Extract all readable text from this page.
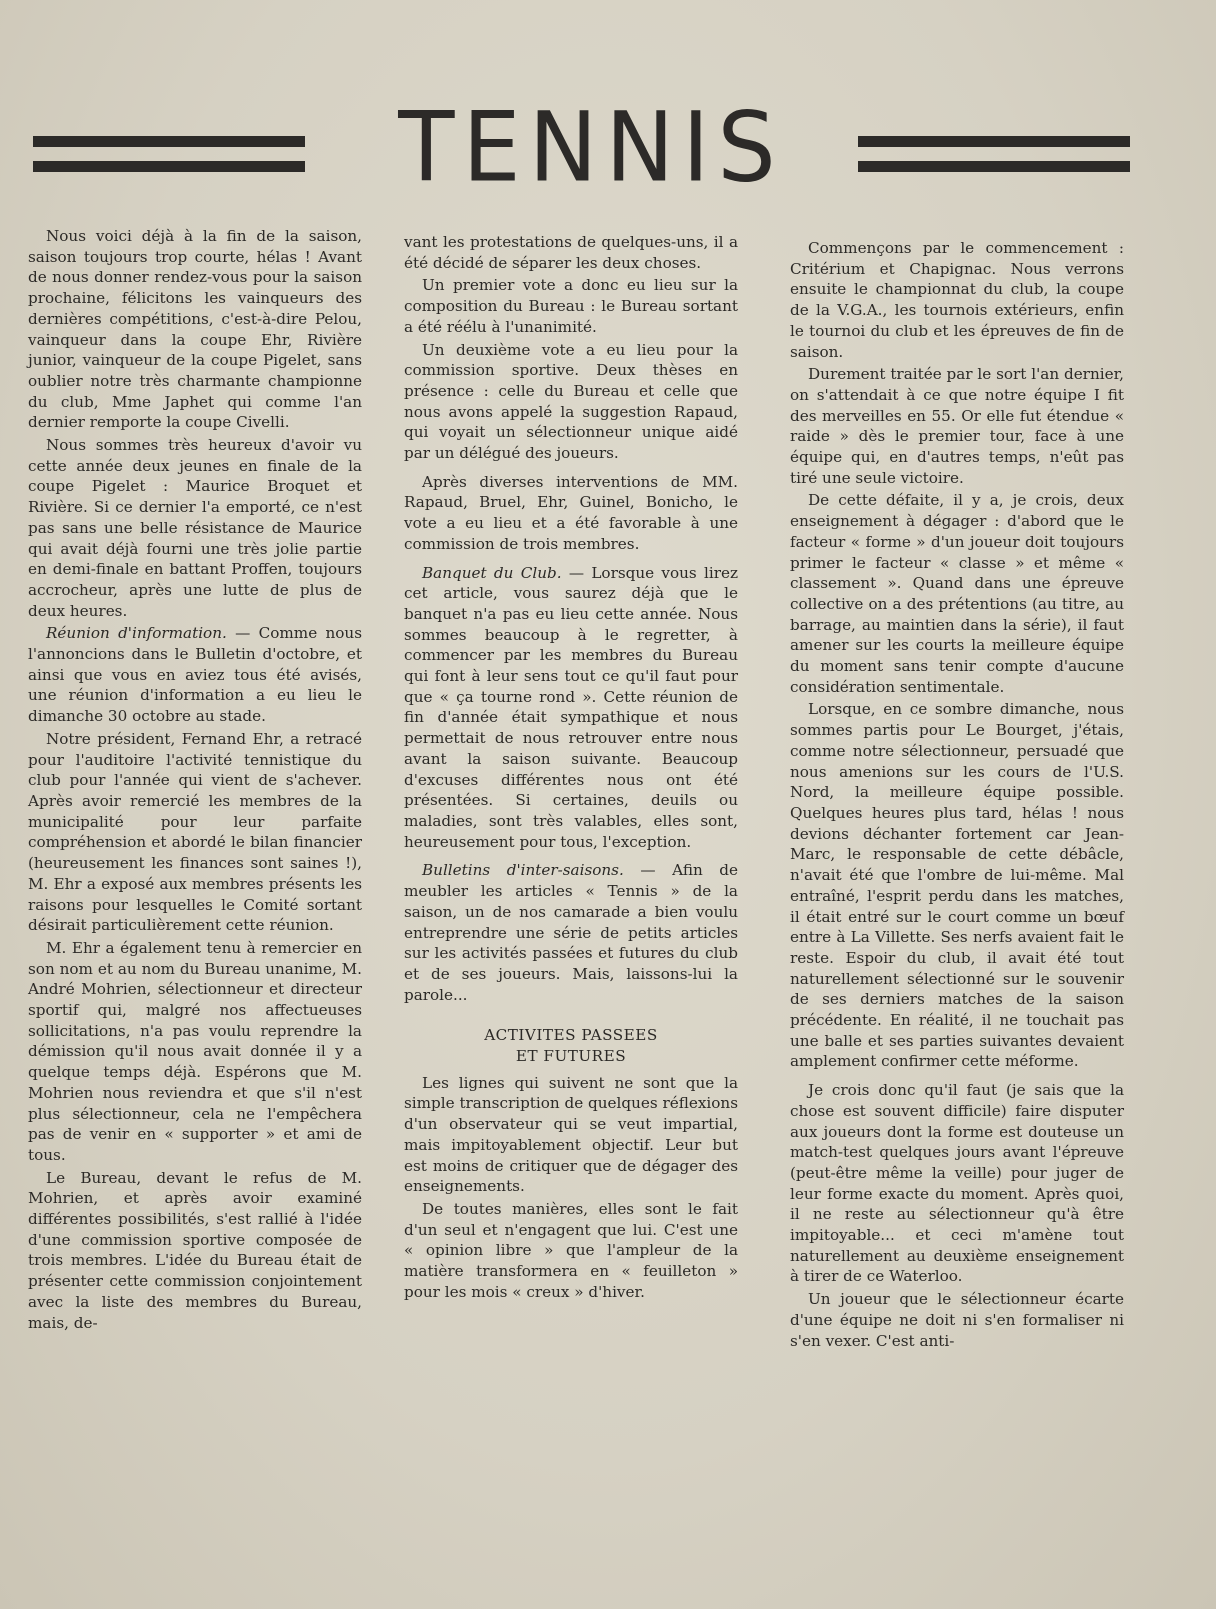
TENNIS

Nous voici déjà à la fin de la saison, saison toujours trop courte, hélas ! Avant de nous donner rendez-vous pour la saison prochaine, félicitons les vainqueurs des dernières compétitions, c'est-à-dire Pelou, vainqueur dans la coupe Ehr, Rivière junior, vainqueur de la coupe Pigelet, sans oublier notre très charmante championne du club, Mme Japhet qui comme l'an dernier remporte la coupe Civelli.

Nous sommes très heureux d'avoir vu cette année deux jeunes en finale de la coupe Pigelet : Maurice Broquet et Rivière. Si ce dernier l'a emporté, ce n'est pas sans une belle résistance de Maurice qui avait déjà fourni une très jolie partie en demi-finale en battant Proffen, toujours accrocheur, après une lutte de plus de deux heures.

Réunion d'information. — Comme nous l'annoncions dans le Bulletin d'octobre, et ainsi que vous en aviez tous été avisés, une réunion d'information a eu lieu le dimanche 30 octobre au stade.

Notre président, Fernand Ehr, a retracé pour l'auditoire l'activité tennistique du club pour l'année qui vient de s'achever. Après avoir remercié les membres de la municipalité pour leur parfaite compréhension et abordé le bilan financier (heureusement les finances sont saines !), M. Ehr a exposé aux membres présents les raisons pour lesquelles le Comité sortant désirait particulièrement cette réunion.

M. Ehr a également tenu à remercier en son nom et au nom du Bureau unanime, M. André Mohrien, sélectionneur et directeur sportif qui, malgré nos affectueuses sollicitations, n'a pas voulu reprendre la démission qu'il nous avait donnée il y a quelque temps déjà. Espérons que M. Mohrien nous reviendra et que s'il n'est plus sélectionneur, cela ne l'empêchera pas de venir en « supporter » et ami de tous.

Le Bureau, devant le refus de M. Mohrien, et après avoir examiné différentes possibilités, s'est rallié à l'idée d'une commission sportive composée de trois membres. L'idée du Bureau était de présenter cette commission conjointement avec la liste des membres du Bureau, mais, de-

vant les protestations de quelques-uns, il a été décidé de séparer les deux choses.

Un premier vote a donc eu lieu sur la composition du Bureau : le Bureau sortant a été réélu à l'unanimité.

Un deuxième vote a eu lieu pour la commission sportive. Deux thèses en présence : celle du Bureau et celle que nous avons appelé la suggestion Rapaud, qui voyait un sélectionneur unique aidé par un délégué des joueurs.

Après diverses interventions de MM. Rapaud, Bruel, Ehr, Guinel, Bonicho, le vote a eu lieu et a été favorable à une commission de trois membres.

Banquet du Club. — Lorsque vous lirez cet article, vous saurez déjà que le banquet n'a pas eu lieu cette année. Nous sommes beaucoup à le regretter, à commencer par les membres du Bureau qui font à leur sens tout ce qu'il faut pour que « ça tourne rond ». Cette réunion de fin d'année était sympathique et nous permettait de nous retrouver entre nous avant la saison suivante. Beaucoup d'excuses différentes nous ont été présentées. Si certaines, deuils ou maladies, sont très valables, elles sont, heureusement pour tous, l'exception.

Bulletins d'inter-saisons. — Afin de meubler les articles « Tennis » de la saison, un de nos camarade a bien voulu entreprendre une série de petits articles sur les activités passées et futures du club et de ses joueurs. Mais, laissons-lui la parole...

ACTIVITES PASSEES
ET FUTURES

Les lignes qui suivent ne sont que la simple transcription de quelques réflexions d'un observateur qui se veut impartial, mais impitoyablement objectif. Leur but est moins de critiquer que de dégager des enseignements.

De toutes manières, elles sont le fait d'un seul et n'engagent que lui. C'est une « opinion libre » que l'ampleur de la matière transformera en « feuilleton » pour les mois « creux » d'hiver.

Commençons par le commencement : Critérium et Chapignac. Nous verrons ensuite le championnat du club, la coupe de la V.G.A., les tournois extérieurs, enfin le tournoi du club et les épreuves de fin de saison.

Durement traitée par le sort l'an dernier, on s'attendait à ce que notre équipe I fit des merveilles en 55. Or elle fut étendue « raide » dès le premier tour, face à une équipe qui, en d'autres temps, n'eût pas tiré une seule victoire.

De cette défaite, il y a, je crois, deux enseignement à dégager : d'abord que le facteur « forme » d'un joueur doit toujours primer le facteur « classe » et même « classement ». Quand dans une épreuve collective on a des prétentions (au titre, au barrage, au maintien dans la série), il faut amener sur les courts la meilleure équipe du moment sans tenir compte d'aucune considération sentimentale.

Lorsque, en ce sombre dimanche, nous sommes partis pour Le Bourget, j'étais, comme notre sélectionneur, persuadé que nous amenions sur les cours de l'U.S. Nord, la meilleure équipe possible. Quelques heures plus tard, hélas ! nous devions déchanter fortement car Jean-Marc, le responsable de cette débâcle, n'avait été que l'ombre de lui-même. Mal entraîné, l'esprit perdu dans les matches, il était entré sur le court comme un bœuf entre à La Villette. Ses nerfs avaient fait le reste. Espoir du club, il avait été tout naturellement sélectionné sur le souvenir de ses derniers matches de la saison précédente. En réalité, il ne touchait pas une balle et ses parties suivantes devaient amplement confirmer cette méforme.

Je crois donc qu'il faut (je sais que la chose est souvent difficile) faire disputer aux joueurs dont la forme est douteuse un match-test quelques jours avant l'épreuve (peut-être même la veille) pour juger de leur forme exacte du moment. Après quoi, il ne reste au sélectionneur qu'à être impitoyable... et ceci m'amène tout naturellement au deuxième enseignement à tirer de ce Waterloo.

Un joueur que le sélectionneur écarte d'une équipe ne doit ni s'en formaliser ni s'en vexer. C'est anti-
